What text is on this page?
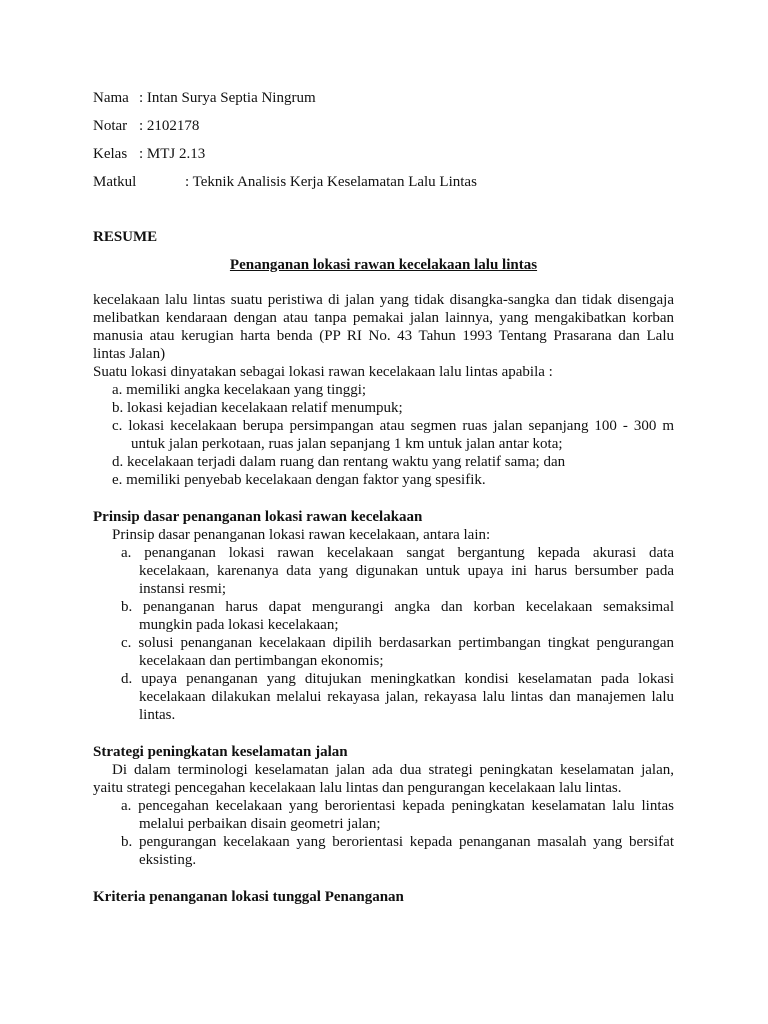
Nama : Intan Surya Septia Ningrum
Notar : 2102178
Kelas : MTJ 2.13
Matkul	: Teknik Analisis Kerja Keselamatan Lalu Lintas
RESUME
Penanganan lokasi rawan kecelakaan lalu lintas
kecelakaan lalu lintas suatu peristiwa di jalan yang tidak disangka-sangka dan tidak disengaja
melibatkan kendaraan dengan atau tanpa pemakai jalan lainnya, yang mengakibatkan korban
manusia atau kerugian harta benda (PP RI No. 43 Tahun 1993 Tentang Prasarana dan Lalu
lintas Jalan)
Suatu lokasi dinyatakan sebagai lokasi rawan kecelakaan lalu lintas apabila :
a. memiliki angka kecelakaan yang tinggi;
b. lokasi kejadian kecelakaan relatif menumpuk;
c. lokasi kecelakaan berupa persimpangan atau segmen ruas jalan sepanjang 100 - 300 m
untuk jalan perkotaan, ruas jalan sepanjang 1 km untuk jalan antar kota;
d. kecelakaan terjadi dalam ruang dan rentang waktu yang relatif sama; dan
e. memiliki penyebab kecelakaan dengan faktor yang spesifik.
Prinsip dasar penanganan lokasi rawan kecelakaan
Prinsip dasar penanganan lokasi rawan kecelakaan, antara lain:
a. penanganan lokasi rawan kecelakaan sangat bergantung kepada akurasi data
kecelakaan, karenanya data yang digunakan untuk upaya ini harus bersumber pada
instansi resmi;
b. penanganan harus dapat mengurangi angka dan korban kecelakaan semaksimal
mungkin pada lokasi kecelakaan;
c. solusi penanganan kecelakaan dipilih berdasarkan pertimbangan tingkat pengurangan
kecelakaan dan pertimbangan ekonomis;
d. upaya penanganan yang ditujukan meningkatkan kondisi keselamatan pada lokasi
kecelakaan dilakukan melalui rekayasa jalan, rekayasa lalu lintas dan manajemen lalu
lintas.
Strategi peningkatan keselamatan jalan
Di dalam terminologi keselamatan jalan ada dua strategi peningkatan keselamatan jalan,
yaitu strategi pencegahan kecelakaan lalu lintas dan pengurangan kecelakaan lalu lintas.
a. pencegahan kecelakaan yang berorientasi kepada peningkatan keselamatan lalu lintas
melalui perbaikan disain geometri jalan;
b. pengurangan kecelakaan yang berorientasi kepada penanganan masalah yang bersifat
eksisting.
Kriteria penanganan lokasi tunggal Penanganan
